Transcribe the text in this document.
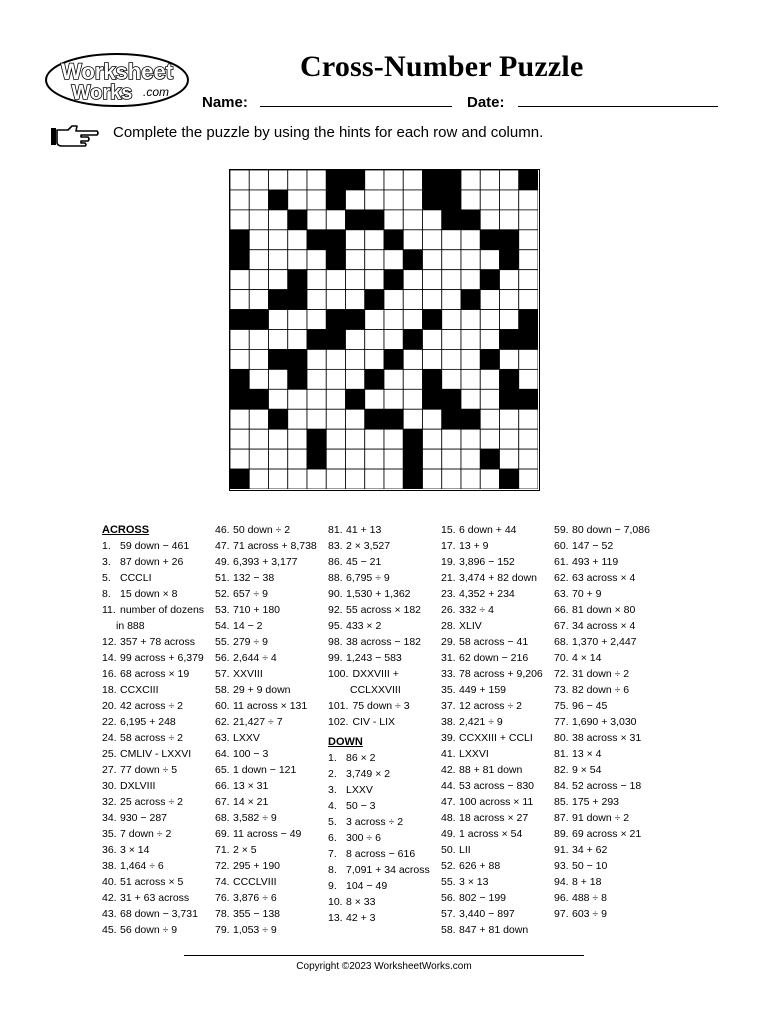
Worksheet
Works .com
Cross-Number Puzzle
Name:	Date:
Complete the puzzle by using the hints for each row and column.
ACROSS
1. 59 down − 461
3. 87 down + 26
5. CCCLI
8. 15 down × 8
11. number of dozens
in 888
12. 357 + 78 across
14. 99 across + 6,379
16. 68 across × 19
18. CCXCIII
20. 42 across ÷ 2
22. 6,195 + 248
24. 58 across ÷ 2
25. CMLIV - LXXVI
27. 77 down ÷ 5
30. DXLVIII
32. 25 across ÷ 2
34. 930 − 287
35. 7 down ÷ 2
36. 3 × 14
38. 1,464 ÷ 6
40. 51 across × 5
42. 31 + 63 across
43. 68 down − 3,731
45. 56 down ÷ 9
46. 50 down ÷ 2
47. 71 across + 8,738
49. 6,393 + 3,177
51. 132 − 38
52. 657 ÷ 9
53. 710 + 180
54. 14 − 2
55. 279 ÷ 9
56. 2,644 ÷ 4
57. XXVIII
58. 29 + 9 down
60. 11 across × 131
62. 21,427 ÷ 7
63. LXXV
64. 100 − 3
65. 1 down − 121
66. 13 × 31
67. 14 × 21
68. 3,582 ÷ 9
69. 11 across − 49
71. 2 × 5
72. 295 + 190
74. CCCLVIII
76. 3,876 ÷ 6
78. 355 − 138
79. 1,053 ÷ 9
81. 41 + 13
83. 2 × 3,527
86. 45 − 21
88. 6,795 ÷ 9
90. 1,530 + 1,362
92. 55 across × 182
95. 433 × 2
98. 38 across − 182
99. 1,243 − 583
100. DXXVIII +
CCLXXVIII
101. 75 down ÷ 3
102. CIV - LIX
DOWN
1. 86 × 2
2. 3,749 × 2
3. LXXV
4. 50 − 3
5. 3 across ÷ 2
6. 300 ÷ 6
7. 8 across − 616
8. 7,091 + 34 across
9. 104 − 49
10. 8 × 33
13. 42 + 3
15. 6 down + 44
17. 13 + 9
19. 3,896 − 152
21. 3,474 + 82 down
23. 4,352 + 234
26. 332 ÷ 4
28. XLIV
29. 58 across − 41
31. 62 down − 216
33. 78 across + 9,206
35. 449 + 159
37. 12 across ÷ 2
38. 2,421 ÷ 9
39. CCXXIII + CCLI
41. LXXVI
42. 88 + 81 down
44. 53 across − 830
47. 100 across × 11
48. 18 across × 27
49. 1 across × 54
50. LII
52. 626 + 88
55. 3 × 13
56. 802 − 199
57. 3,440 − 897
58. 847 + 81 down
59. 80 down − 7,086
60. 147 − 52
61. 493 + 119
62. 63 across × 4
63. 70 + 9
66. 81 down × 80
67. 34 across × 4
68. 1,370 + 2,447
70. 4 × 14
72. 31 down ÷ 2
73. 82 down ÷ 6
75. 96 − 45
77. 1,690 + 3,030
80. 38 across × 31
81. 13 × 4
82. 9 × 54
84. 52 across − 18
85. 175 + 293
87. 91 down ÷ 2
89. 69 across × 21
91. 34 + 62
93. 50 − 10
94. 8 + 18
96. 488 ÷ 8
97. 603 ÷ 9
Copyright ©2023 WorksheetWorks.com
